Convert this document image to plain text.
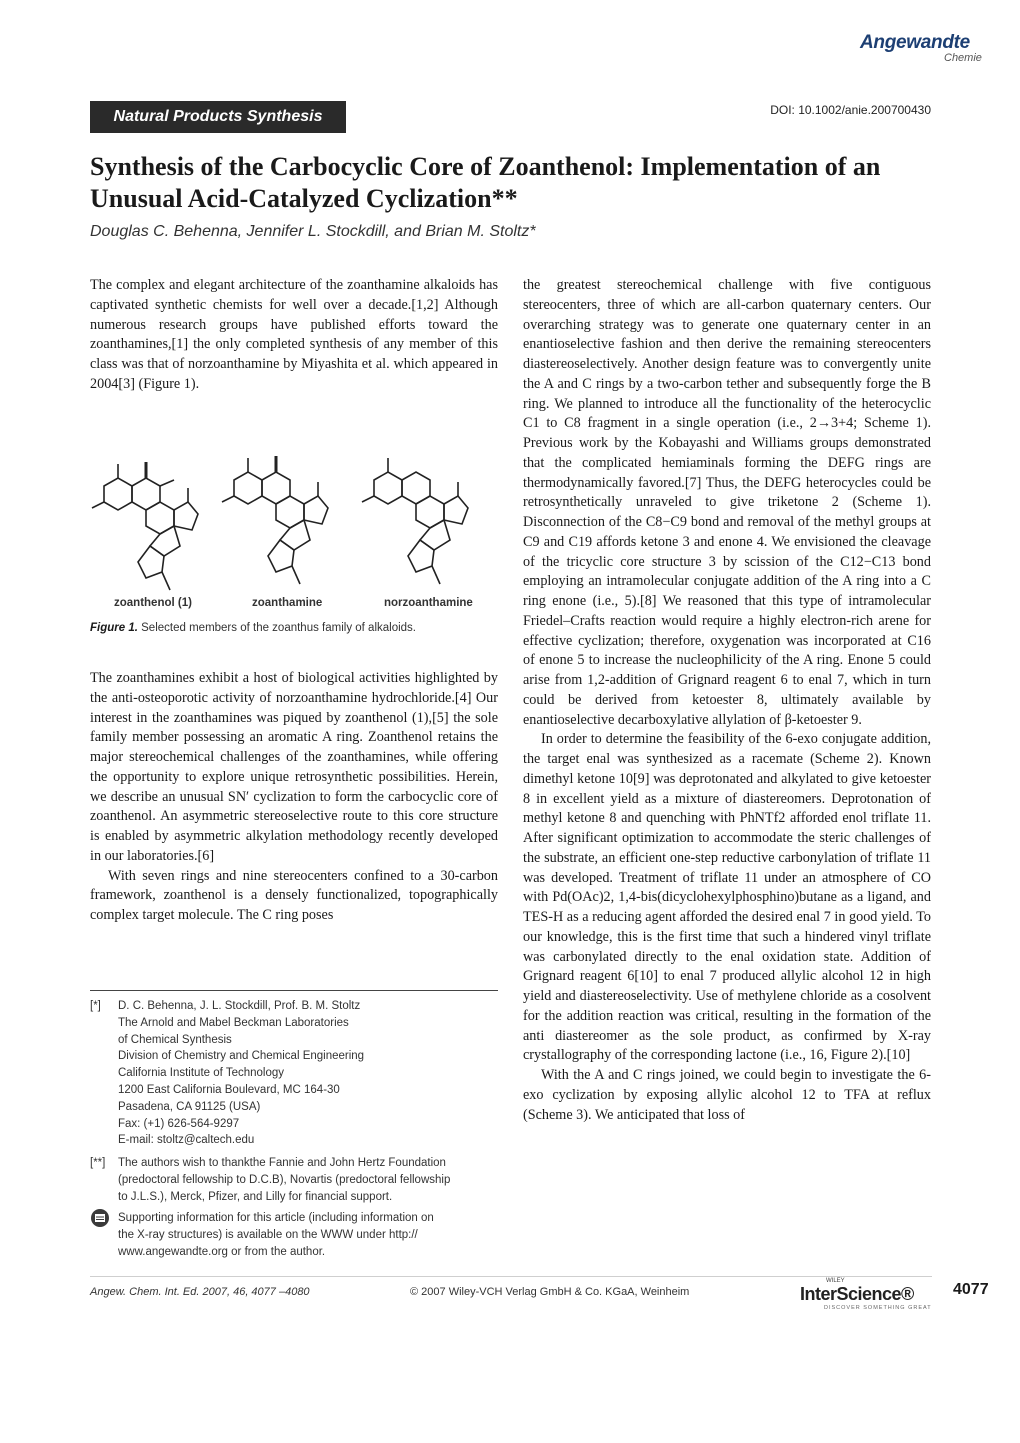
Angewandte
Chemie
Natural Products Synthesis	DOI: 10.1002/anie.200700430
Synthesis of the Carbocyclic Core of Zoanthenol: Implementation of an Unusual Acid-Catalyzed Cyclization**
Douglas C. Behenna, Jennifer L. Stockdill, and Brian M. Stoltz*

The complex and elegant architecture of the zoanthamine alkaloids has captivated synthetic chemists for well over a decade.[1,2] Although numerous research groups have published efforts toward the zoanthamines,[1] the only completed synthesis of any member of this class was that of norzoanthamine by Miyashita et al. which appeared in 2004[3] (Figure 1).

zoanthenol (1)	zoanthamine	norzoanthamine
Figure 1. Selected members of the zoanthus family of alkaloids.

The zoanthamines exhibit a host of biological activities highlighted by the anti-osteoporotic activity of norzoanthamine hydrochloride.[4] Our interest in the zoanthamines was piqued by zoanthenol (1),[5] the sole family member possessing an aromatic A ring. Zoanthenol retains the major stereochemical challenges of the zoanthamines, while offering the opportunity to explore unique retrosynthetic possibilities. Herein, we describe an unusual SN′ cyclization to form the carbocyclic core of zoanthenol. An asymmetric stereoselective route to this core structure is enabled by asymmetric alkylation methodology recently developed in our laboratories.[6]

With seven rings and nine stereocenters confined to a 30-carbon framework, zoanthenol is a densely functionalized, topographically complex target molecule. The C ring poses

[*] D. C. Behenna, J. L. Stockdill, Prof. B. M. Stoltz
The Arnold and Mabel Beckman Laboratories
of Chemical Synthesis
Division of Chemistry and Chemical Engineering
California Institute of Technology
1200 East California Boulevard, MC 164-30
Pasadena, CA 91125 (USA)
Fax: (+1) 626-564-9297
E-mail: stoltz@caltech.edu
[**] The authors wish to thankthe Fannie and John Hertz Foundation
(predoctoral fellowship to D.C.B), Novartis (predoctoral fellowship
to J.L.S.), Merck, Pfizer, and Lilly for financial support.
Supporting information for this article (including information on
the X-ray structures) is available on the WWW under http://
www.angewandte.org or from the author.

the greatest stereochemical challenge with five contiguous stereocenters, three of which are all-carbon quaternary centers. Our overarching strategy was to generate one quaternary center in an enantioselective fashion and then derive the remaining stereocenters diastereoselectively. Another design feature was to convergently unite the A and C rings by a two-carbon tether and subsequently forge the B ring. We planned to introduce all the functionality of the heterocyclic C1 to C8 fragment in a single operation (i.e., 2→3+4; Scheme 1). Previous work by the Kobayashi and Williams groups demonstrated that the complicated hemiaminals forming the DEFG rings are thermodynamically favored.[7] Thus, the DEFG heterocycles could be retrosynthetically unraveled to give triketone 2 (Scheme 1). Disconnection of the C8−C9 bond and removal of the methyl groups at C9 and C19 affords ketone 3 and enone 4. We envisioned the cleavage of the tricyclic core structure 3 by scission of the C12−C13 bond employing an intramolecular conjugate addition of the A ring into a C ring enone (i.e., 5).[8] We reasoned that this type of intramolecular Friedel–Crafts reaction would require a highly electron-rich arene for effective cyclization; therefore, oxygenation was incorporated at C16 of enone 5 to increase the nucleophilicity of the A ring. Enone 5 could arise from 1,2-addition of Grignard reagent 6 to enal 7, which in turn could be derived from ketoester 8, ultimately available by enantioselective decarboxylative allylation of β-ketoester 9.

In order to determine the feasibility of the 6-exo conjugate addition, the target enal was synthesized as a racemate (Scheme 2). Known dimethyl ketone 10[9] was deprotonated and alkylated to give ketoester 8 in excellent yield as a mixture of diastereomers. Deprotonation of methyl ketone 8 and quenching with PhNTf2 afforded enol triflate 11. After significant optimization to accommodate the steric challenges of the substrate, an efficient one-step reductive carbonylation of triflate 11 was developed. Treatment of triflate 11 under an atmosphere of CO with Pd(OAc)2, 1,4-bis(dicyclohexylphosphino)butane as a ligand, and TES-H as a reducing agent afforded the desired enal 7 in good yield. To our knowledge, this is the first time that such a hindered vinyl triflate was carbonylated directly to the enal oxidation state. Addition of Grignard reagent 6[10] to enal 7 produced allylic alcohol 12 in high yield and diastereoselectivity. Use of methylene chloride as a cosolvent for the addition reaction was critical, resulting in the formation of the anti diastereomer as the sole product, as confirmed by X-ray crystallography of the corresponding lactone (i.e., 16, Figure 2).[10]

With the A and C rings joined, we could begin to investigate the 6-exo cyclization by exposing allylic alcohol 12 to TFA at reflux (Scheme 3). We anticipated that loss of

Angew. Chem. Int. Ed. 2007, 46, 4077 –4080	© 2007 Wiley-VCH Verlag GmbH & Co. KGaA, Weinheim
WILEY
InterScience®
DISCOVER SOMETHING GREAT
4077
